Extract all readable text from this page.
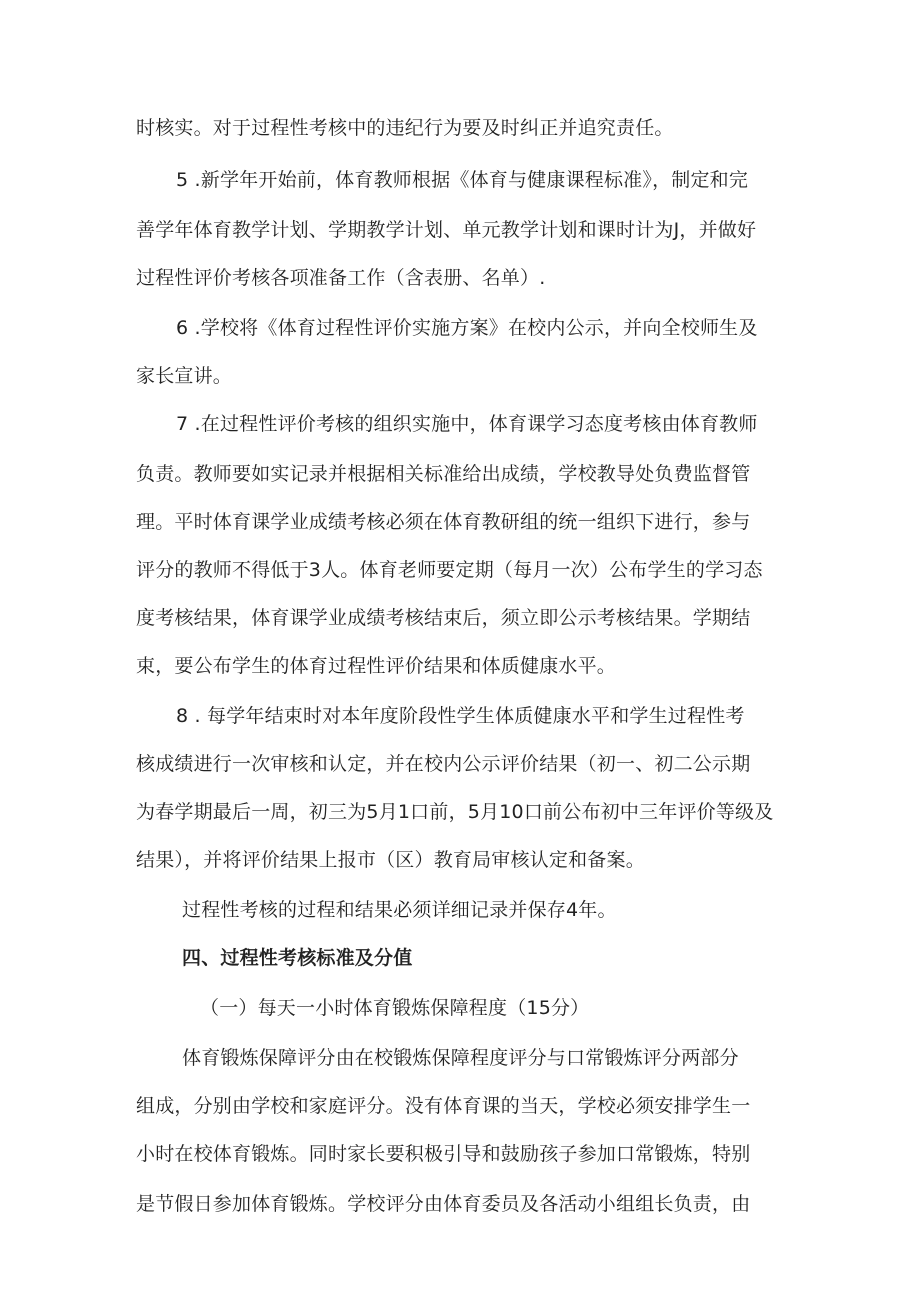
时核实。对于过程性考核中的违纪行为要及时纠正并追究责任。
5 .新学年开始前，体育教师根据《体育与健康课程标准》，制定和完
善学年体育教学计划、学期教学计划、单元教学计划和课时计为J，并做好
过程性评价考核各项准备工作（含表册、名单）.
6 .学校将《体育过程性评价实施方案》在校内公示，并向全校师生及
家长宣讲。
7 .在过程性评价考核的组织实施中，体育课学习态度考核由体育教师
负责。教师要如实记录并根据相关标准给出成绩，学校教导处负费监督管
理。平时体育课学业成绩考核必须在体育教研组的统一组织下进行，参与
评分的教师不得低于3人。体育老师要定期（每月一次）公布学生的学习态
度考核结果，体育课学业成绩考核结束后，须立即公示考核结果。学期结
束，要公布学生的体育过程性评价结果和体质健康水平。
8 . 每学年结束时对本年度阶段性学生体质健康水平和学生过程性考
核成绩进行一次审核和认定，并在校内公示评价结果（初一、初二公示期
为春学期最后一周，初三为5月1口前，5月10口前公布初中三年评价等级及
结果），并将评价结果上报市（区）教育局审核认定和备案。
过程性考核的过程和结果必须详细记录并保存4年。
四、过程性考核标准及分值
（一）每天一小时体育锻炼保障程度（15分）
体育锻炼保障评分由在校锻炼保障程度评分与口常锻炼评分两部分
组成，分别由学校和家庭评分。没有体育课的当天，学校必须安排学生一
小时在校体育锻炼。同时家长要积极引导和鼓励孩子参加口常锻炼，特别
是节假日参加体育锻炼。学校评分由体育委员及各活动小组组长负责，由
